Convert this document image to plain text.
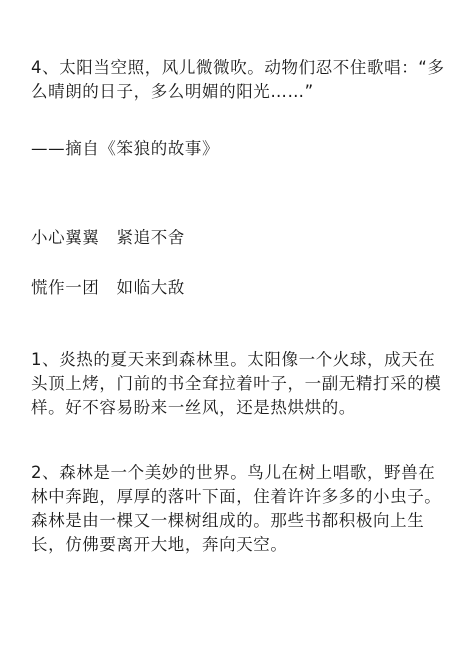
4、太阳当空照，风儿微微吹。动物们忍不住歌唱：“多
么晴朗的日子，多么明媚的阳光……”

——摘自《笨狼的故事》

小心翼翼　紧追不舍

慌作一团　如临大敌

1、炎热的夏天来到森林里。太阳像一个火球，成天在
头顶上烤，门前的书全耷拉着叶子，一副无精打采的模
样。好不容易盼来一丝风，还是热烘烘的。

2、森林是一个美妙的世界。鸟儿在树上唱歌，野兽在
林中奔跑，厚厚的落叶下面，住着许许多多的小虫子。
森林是由一棵又一棵树组成的。那些书都积极向上生
长，仿佛要离开大地，奔向天空。
